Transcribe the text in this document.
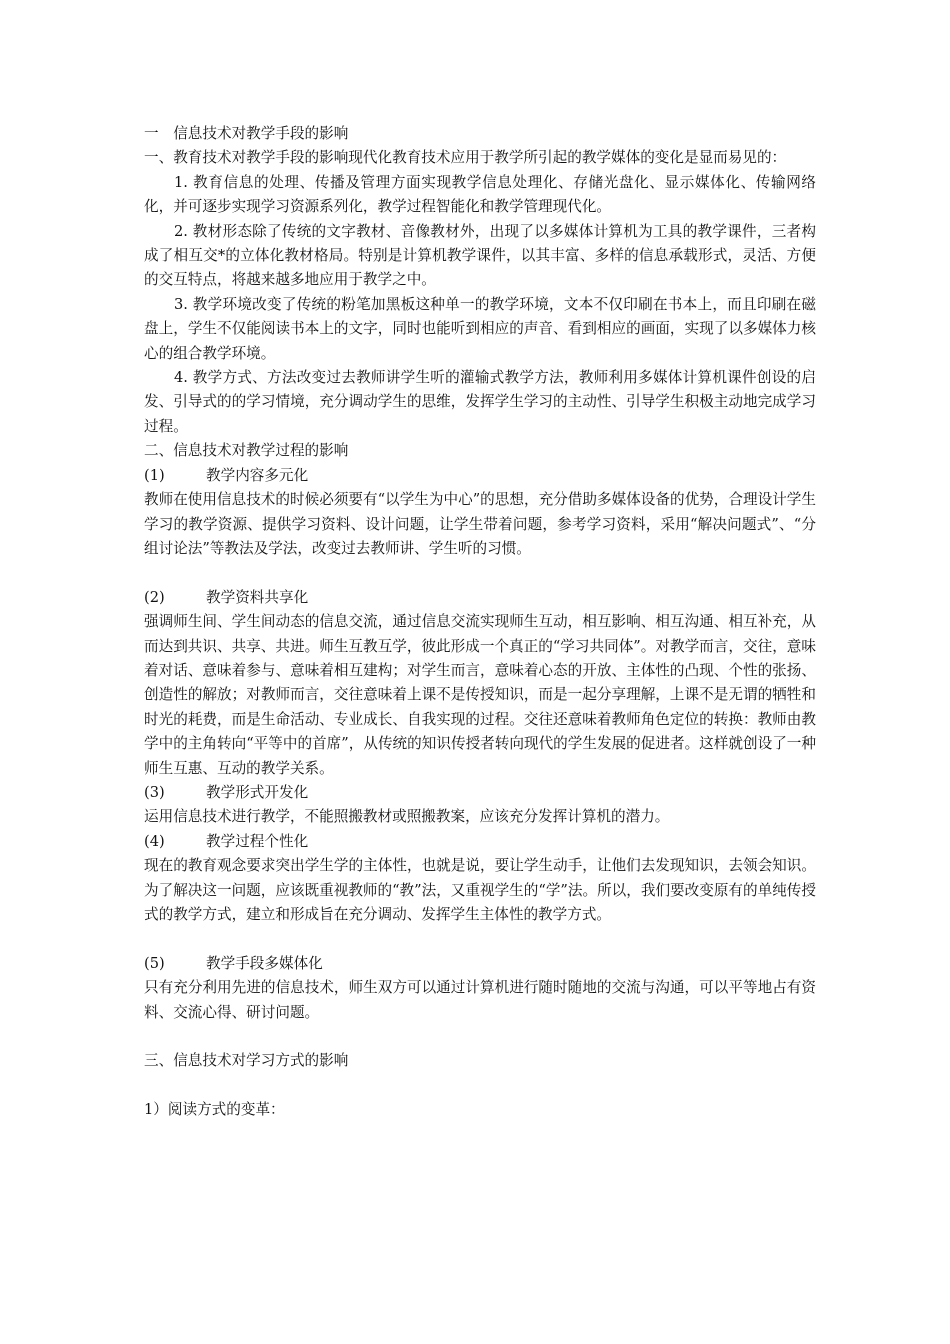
一　信息技术对教学手段的影响
一、教育技术对教学手段的影响现代化教育技术应用于教学所引起的教学媒体的变化是显而易见的：
1. 教育信息的处理、传播及管理方面实现教学信息处理化、存储光盘化、显示媒体化、传输网络化，并可逐步实现学习资源系列化，教学过程智能化和教学管理现代化。
2. 教材形态除了传统的文字教材、音像教材外，出现了以多媒体计算机为工具的教学课件，三者构成了相互交*的立体化教材格局。特别是计算机教学课件，以其丰富、多样的信息承载形式，灵活、方便的交互特点，将越来越多地应用于教学之中。
3. 教学环境改变了传统的粉笔加黑板这种单一的教学环境，文本不仅印刷在书本上，而且印刷在磁盘上，学生不仅能阅读书本上的文字，同时也能听到相应的声音、看到相应的画面，实现了以多媒体力核心的组合教学环境。
4. 教学方式、方法改变过去教师讲学生听的灌输式教学方法，教师利用多媒体计算机课件创设的启发、引导式的的学习情境，充分调动学生的思维，发挥学生学习的主动性、引导学生积极主动地完成学习过程。
二、信息技术对教学过程的影响
(1)	教学内容多元化
教师在使用信息技术的时候必须要有“以学生为中心”的思想，充分借助多媒体设备的优势，合理设计学生学习的教学资源、提供学习资料、设计问题，让学生带着问题，参考学习资料，采用“解决问题式”、“分组讨论法”等教法及学法，改变过去教师讲、学生听的习惯。
(2)	教学资料共享化
强调师生间、学生间动态的信息交流，通过信息交流实现师生互动，相互影响、相互沟通、相互补充，从而达到共识、共享、共进。师生互教互学，彼此形成一个真正的“学习共同体”。对教学而言，交往，意味着对话、意味着参与、意味着相互建构；对学生而言，意味着心态的开放、主体性的凸现、个性的张扬、创造性的解放；对教师而言，交往意味着上课不是传授知识，而是一起分享理解，上课不是无谓的牺牲和时光的耗费，而是生命活动、专业成长、自我实现的过程。交往还意味着教师角色定位的转换：教师由教学中的主角转向“平等中的首席”，从传统的知识传授者转向现代的学生发展的促进者。这样就创设了一种师生互惠、互动的教学关系。
(3)	教学形式开发化
运用信息技术进行教学，不能照搬教材或照搬教案，应该充分发挥计算机的潜力。
(4)	教学过程个性化
现在的教育观念要求突出学生学的主体性，也就是说，要让学生动手，让他们去发现知识，去领会知识。为了解决这一问题，应该既重视教师的“教”法，又重视学生的“学”法。所以，我们要改变原有的单纯传授式的教学方式，建立和形成旨在充分调动、发挥学生主体性的教学方式。
(5)	教学手段多媒体化
只有充分利用先进的信息技术，师生双方可以通过计算机进行随时随地的交流与沟通，可以平等地占有资料、交流心得、研讨问题。
三、信息技术对学习方式的影响
1）阅读方式的变革：
